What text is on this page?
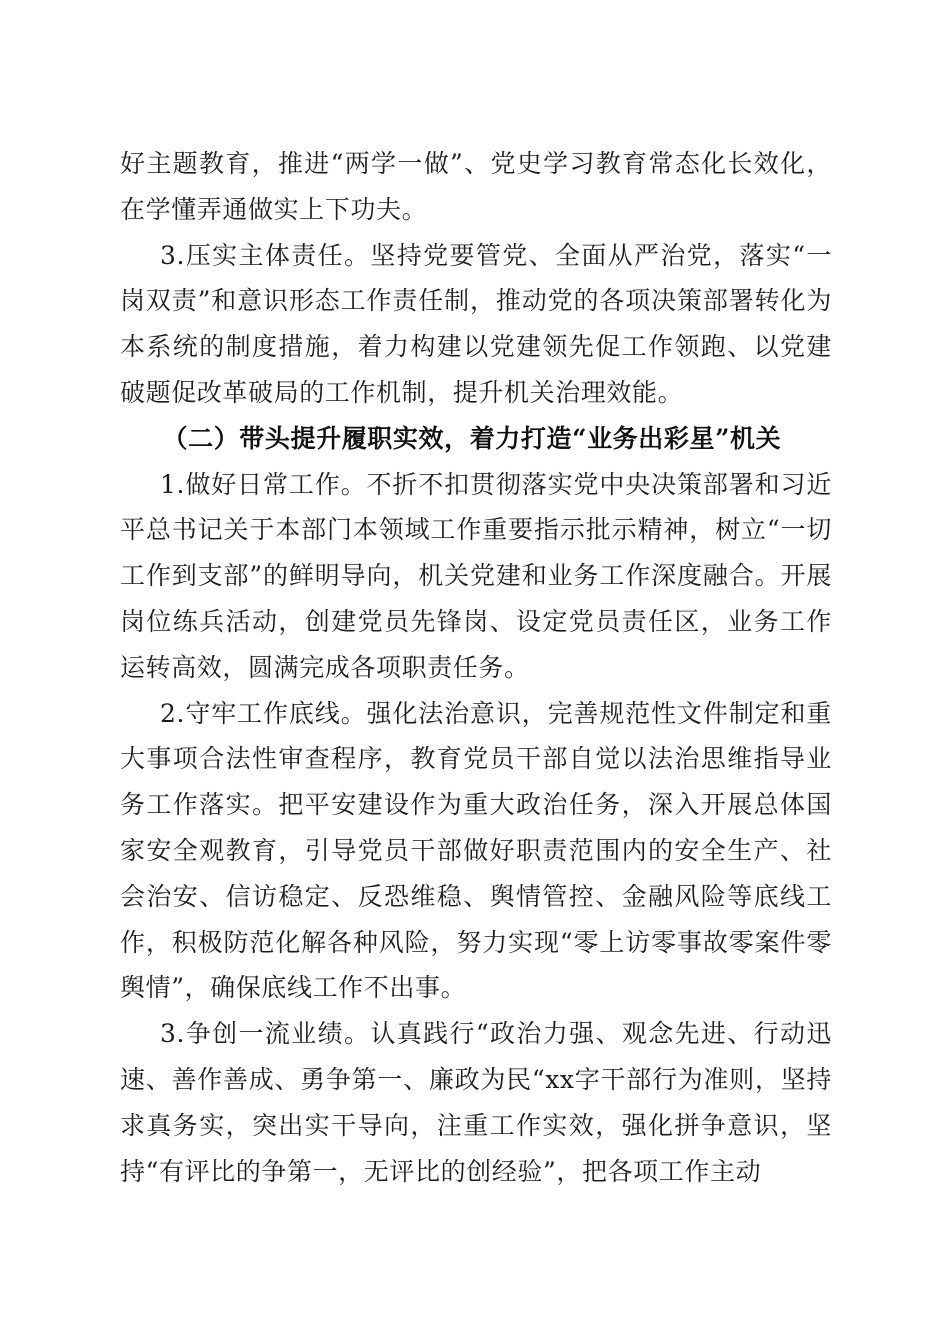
好主题教育，推进“两学一做”、党史学习教育常态化长效化，在学懂弄通做实上下功夫。

3.压实主体责任。坚持党要管党、全面从严治党，落实“一岗双责”和意识形态工作责任制，推动党的各项决策部署转化为本系统的制度措施，着力构建以党建领先促工作领跑、以党建破题促改革破局的工作机制，提升机关治理效能。

（二）带头提升履职实效，着力打造“业务出彩星”机关

1.做好日常工作。不折不扣贯彻落实党中央决策部署和习近平总书记关于本部门本领域工作重要指示批示精神，树立“一切工作到支部”的鲜明导向，机关党建和业务工作深度融合。开展岗位练兵活动，创建党员先锋岗、设定党员责任区，业务工作运转高效，圆满完成各项职责任务。

2.守牢工作底线。强化法治意识，完善规范性文件制定和重大事项合法性审查程序，教育党员干部自觉以法治思维指导业务工作落实。把平安建设作为重大政治任务，深入开展总体国家安全观教育，引导党员干部做好职责范围内的安全生产、社会治安、信访稳定、反恐维稳、舆情管控、金融风险等底线工作，积极防范化解各种风险，努力实现“零上访零事故零案件零舆情”，确保底线工作不出事。

3.争创一流业绩。认真践行“政治力强、观念先进、行动迅速、善作善成、勇争第一、廉政为民“xx字干部行为准则，坚持求真务实，突出实干导向，注重工作实效，强化拼争意识，坚持“有评比的争第一，无评比的创经验”，把各项工作主动
